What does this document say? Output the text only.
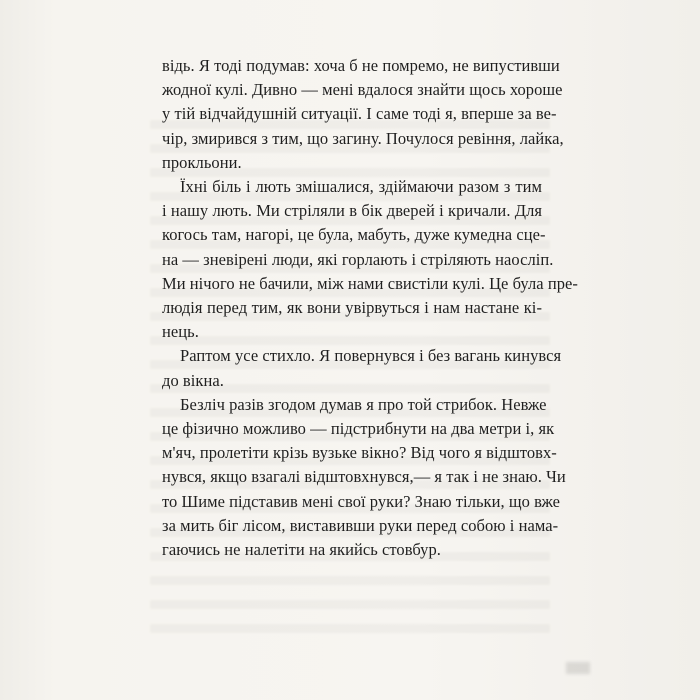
відь. Я тоді подумав: хоча б не помремо, не випустивши
жодної кулі. Дивно — мені вдалося знайти щось хороше
у тій відчайдушній ситуації. І саме тоді я, вперше за ве-
чір, змирився з тим, що загину. Почулося ревіння, лайка,
прокльони.
Їхні біль і лють змішалися, здіймаючи разом з тим
і нашу лють. Ми стріляли в бік дверей і кричали. Для
когось там, нагорі, це була, мабуть, дуже кумедна сце-
на — зневірені люди, які горлають і стріляють наосліп.
Ми нічого не бачили, між нами свистіли кулі. Це була пре-
людія перед тим, як вони увірвуться і нам настане кі-
нець.
Раптом усе стихло. Я повернувся і без вагань кинувся
до вікна.
Безліч разів згодом думав я про той стрибок. Невже
це фізично можливо — підстрибнути на два метри і, як
м'яч, пролетіти крізь вузьке вікно? Від чого я відштовх-
нувся, якщо взагалі відштовхнувся,— я так і не знаю. Чи
то Шиме підставив мені свої руки? Знаю тільки, що вже
за мить біг лісом, виставивши руки перед собою і нама-
гаючись не налетіти на якийсь стовбур.
